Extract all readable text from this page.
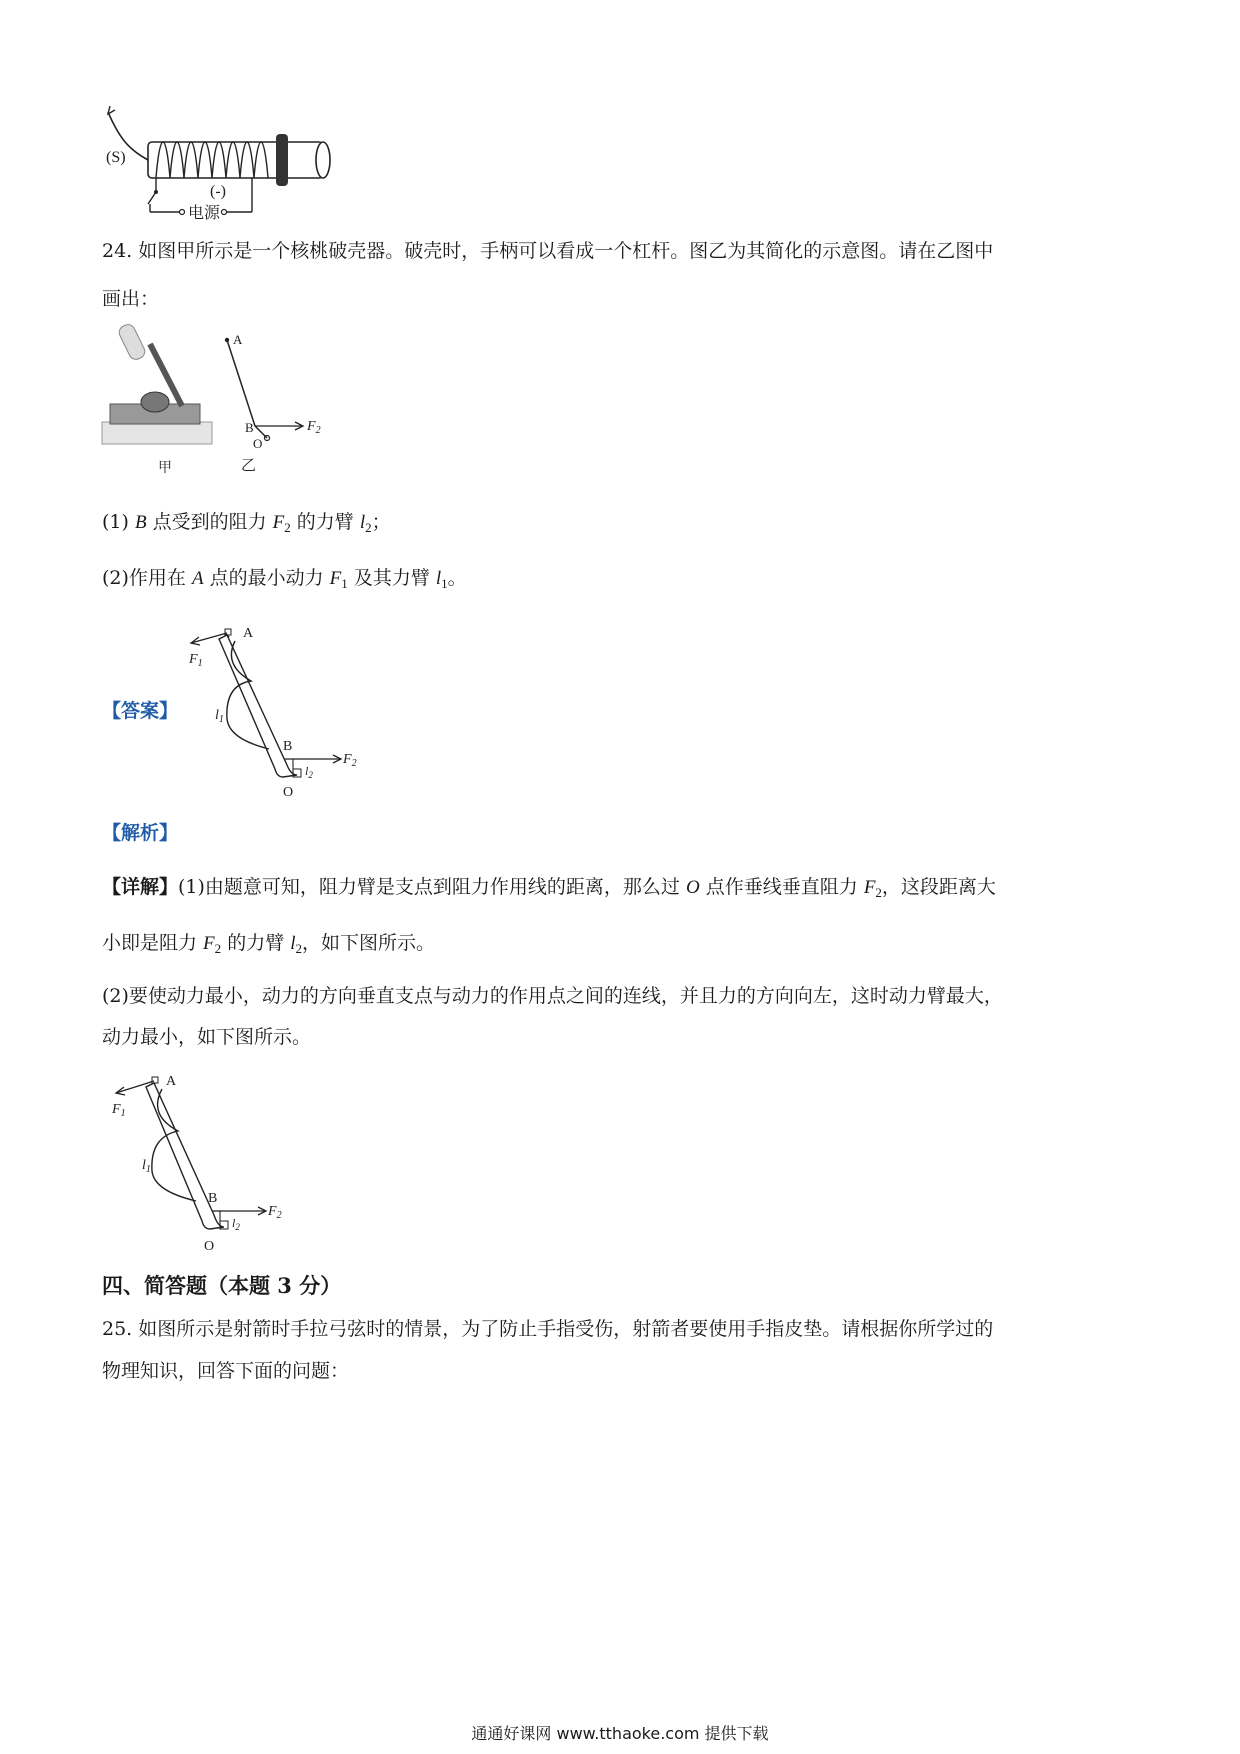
(S)
电源
(-)
24. 如图甲所示是一个核桃破壳器。破壳时，手柄可以看成一个杠杆。图乙为其简化的示意图。请在乙图中
画出：
甲
A
B
O
$F_2$
乙
(1) B 点受到的阻力 $F_2$ 的力臂 $l_2$；
(2)作用在 A 点的最小动力 $F_1$ 及其力臂 $l_1$。
【答案】
A
$F_1$
$l_1$
B
$F_2$
$l_2$
O
【解析】
【详解】(1)由题意可知，阻力臂是支点到阻力作用线的距离，那么过 O 点作垂线垂直阻力 $F_2$，这段距离大
小即是阻力 $F_2$ 的力臂 $l_2$，如下图所示。
(2)要使动力最小，动力的方向垂直支点与动力的作用点之间的连线，并且力的方向向左，这时动力臂最大，
动力最小，如下图所示。
A
$F_1$
$l_1$
B
$F_2$
$l_2$
O
四、简答题（本题 3 分）
25. 如图所示是射箭时手拉弓弦时的情景，为了防止手指受伤，射箭者要使用手指皮垫。请根据你所学过的
物理知识，回答下面的问题：
通通好课网 www.tthaoke.com 提供下载
